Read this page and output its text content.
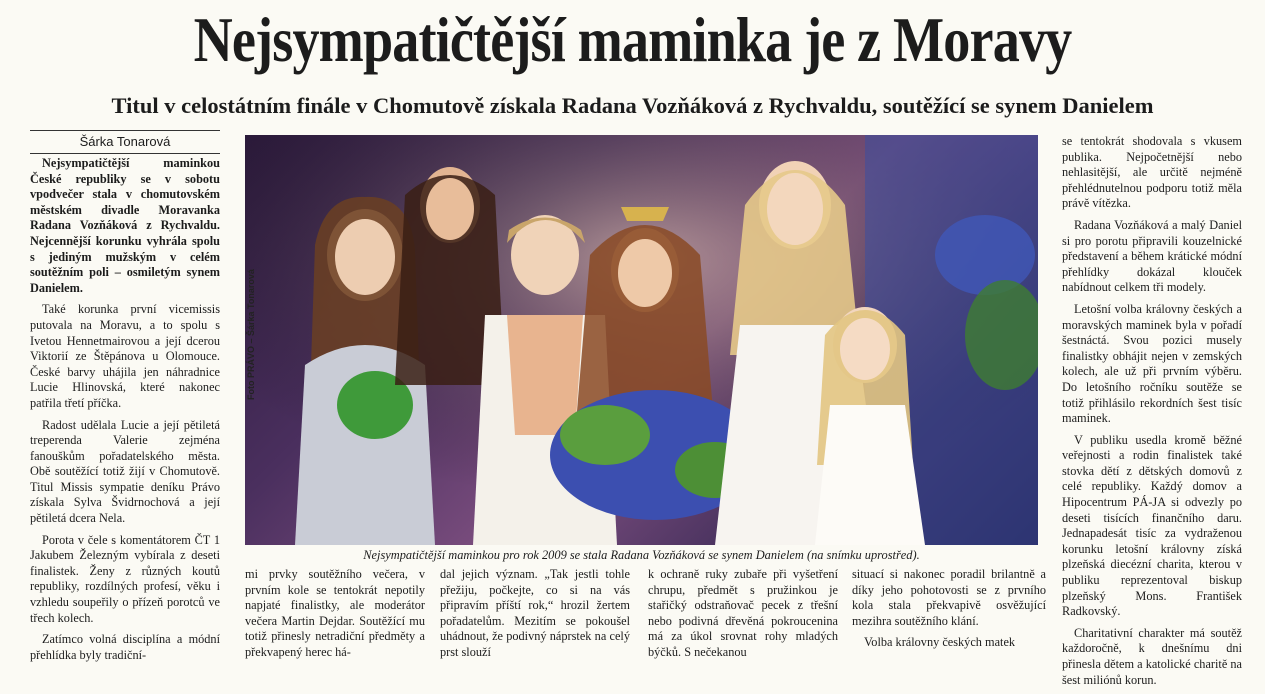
Nejsympatičtější maminka je z Moravy
Titul v celostátním finále v Chomutově získala Radana Vozňáková z Rychvaldu, soutěžící se synem Danielem
Šárka Tonarová

Nejsympatičtější maminkou České republiky se v sobotu vpodvečer stala v chomutovském městském divadle Moravanka Radana Vozňáková z Rychvaldu. Nejcennější korunku vyhrála spolu s jediným mužským v celém soutěžním poli – osmiletým synem Danielem.

Také korunka první vicemissis putovala na Moravu, a to spolu s Ivetou Hennetmairovou a její dcerou Viktorií ze Štěpánova u Olomouce. České barvy uhájila jen náhradnice Lucie Hlinovská, které nakonec patřila třetí příčka.

Radost udělala Lucie a její pětiletá treperenda Valerie zejména fanouškům pořadatelského města. Obě soutěžící totiž žijí v Chomutově. Titul Missis sympatie deníku Právo získala Sylva Švidrnochová a její pětiletá dcera Nela.

Porota v čele s komentátorem ČT 1 Jakubem Železným vybírala z deseti finalistek. Ženy z různých koutů republiky, rozdílných profesí, věku i vzhledu soupeřily o přízeň porotců ve třech kolech.

Zatímco volná disciplína a módní přehlídka byly tradiční-

Foto PRÁVO – Šárka Tonarová
Nejsympatičtější maminkou pro rok 2009 se stala Radana Vozňáková se synem Danielem (na snímku uprostřed).

mi prvky soutěžního večera, v prvním kole se tentokrát nepotily napjaté finalistky, ale moderátor večera Martin Dejdar. Soutěžící mu totiž přinesly netradiční předměty a překvapený herec há-

dal jejich význam. „Tak jestli tohle přežiju, počkejte, co si na vás připravím příští rok,“ hrozil žertem pořadatelům. Mezitím se pokoušel uhádnout, že podivný náprstek na celý prst slouží

k ochraně ruky zubaře při vyšetření chrupu, předmět s pružinkou je stařičký odstraňovač pecek z třešní nebo podivná dřevěná pokroucenina má za úkol srovnat rohy mladých býčků. S nečekanou

situací si nakonec poradil brilantně a díky jeho pohotovosti se z prvního kola stala překvapivě osvěžující mezihra soutěžního klání.

Volba královny českých matek

se tentokrát shodovala s vkusem publika. Nejpočetnější nebo nehlasitější, ale určitě nejméně přehlédnutelnou podporu totiž měla právě vítězka.

Radana Vozňáková a malý Daniel si pro porotu připravili kouzelnické představení a během krátické módní přehlídky dokázal klouček nabídnout celkem tři modely.

Letošní volba královny českých a moravských maminek byla v pořadí šestnáctá. Svou pozici musely finalistky obhájit nejen v zemských kolech, ale už při prvním výběru. Do letošního ročníku soutěže se totiž přihlásilo rekordních šest tisíc maminek.

V publiku usedla kromě běžné veřejnosti a rodin finalistek také stovka dětí z dětských domovů z celé republiky. Každý domov a Hipocentrum PÁ-JA si odvezly po deseti tisících finančního daru. Jednapadesát tisíc za vydraženou korunku letošní královny získá plzeňská diecézní charita, kterou v publiku reprezentoval biskup plzeňský Mons. František Radkovský.

Charitativní charakter má soutěž každoročně, k dnešnímu dni přinesla dětem a katolické charitě na šest miliónů korun.
